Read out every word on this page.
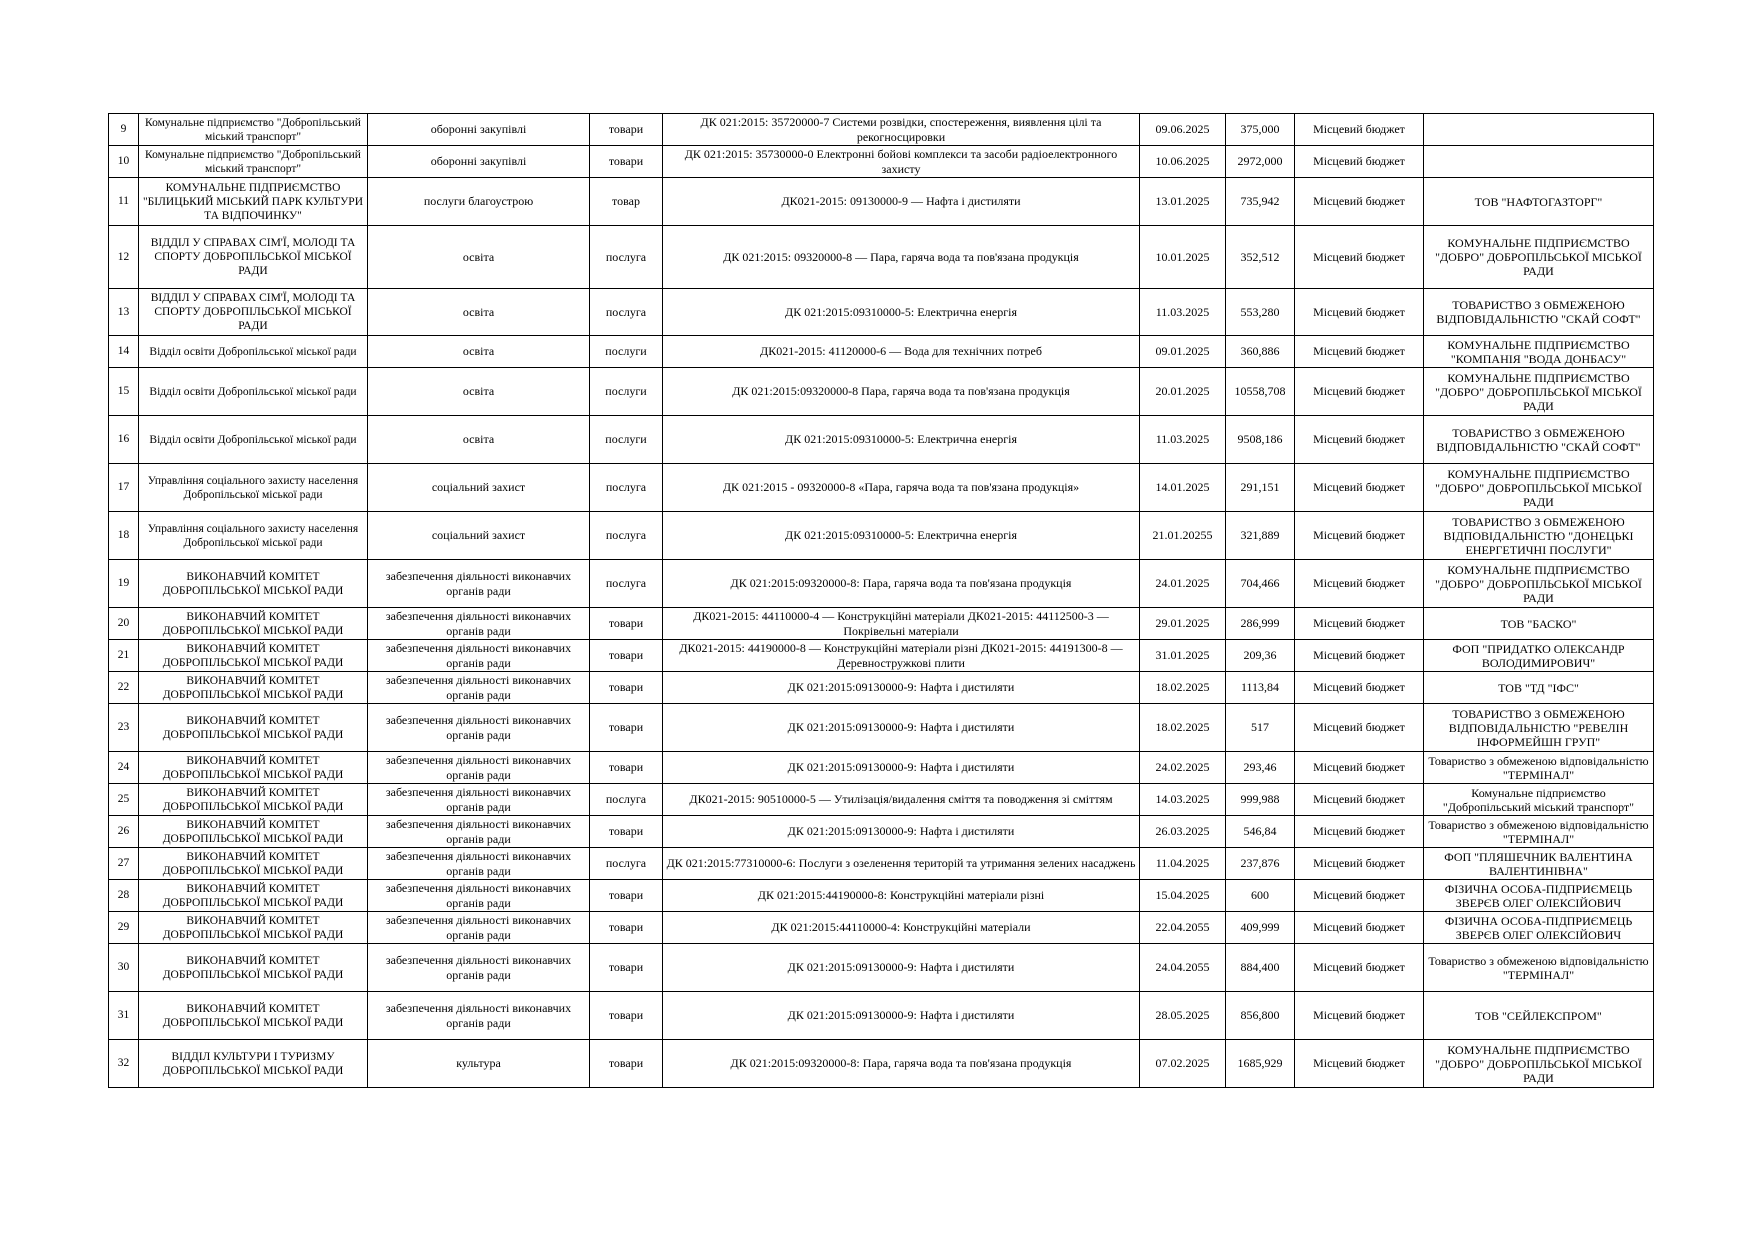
9	Комунальне підприємство "Добропільський міський транспорт"	оборонні закупівлі	товари	ДК 021:2015: 35720000-7 Системи розвідки, спостереження, виявлення цілі та рекогносцировки	09.06.2025	375,000	Місцевий бюджет	
10	Комунальне підприємство "Добропільський міський транспорт"	оборонні закупівлі	товари	ДК 021:2015: 35730000-0 Електронні бойові комплекси та засоби радіоелектронного захисту	10.06.2025	2972,000	Місцевий бюджет	
11	КОМУНАЛЬНЕ ПІДПРИЄМСТВО "БІЛИЦЬКИЙ МІСЬКИЙ ПАРК КУЛЬТУРИ ТА ВІДПОЧИНКУ"	послуги благоустрою	товар	ДК021-2015: 09130000-9 — Нафта і дистиляти	13.01.2025	735,942	Місцевий бюджет	ТОВ "НАФТОГАЗТОРГ"
12	ВІДДІЛ У СПРАВАХ СІМ'Ї, МОЛОДІ ТА СПОРТУ ДОБРОПІЛЬСЬКОЇ МІСЬКОЇ РАДИ	освіта	послуга	ДК 021:2015: 09320000-8 — Пара, гаряча вода та пов'язана продукція	10.01.2025	352,512	Місцевий бюджет	КОМУНАЛЬНЕ ПІДПРИЄМСТВО "ДОБРО" ДОБРОПІЛЬСЬКОЇ МІСЬКОЇ РАДИ
13	ВІДДІЛ У СПРАВАХ СІМ'Ї, МОЛОДІ ТА СПОРТУ ДОБРОПІЛЬСЬКОЇ МІСЬКОЇ РАДИ	освіта	послуга	ДК 021:2015:09310000-5: Електрична енергія	11.03.2025	553,280	Місцевий бюджет	ТОВАРИСТВО З ОБМЕЖЕНОЮ ВІДПОВІДАЛЬНІСТЮ "СКАЙ СОФТ"
14	Відділ освіти Добропільської міської ради	освіта	послуги	ДК021-2015: 41120000-6 — Вода для технічних потреб	09.01.2025	360,886	Місцевий бюджет	КОМУНАЛЬНЕ ПІДПРИЄМСТВО "КОМПАНІЯ "ВОДА ДОНБАСУ"
15	Відділ освіти Добропільської міської ради	освіта	послуги	ДК 021:2015:09320000-8 Пара, гаряча вода та пов'язана продукція	20.01.2025	10558,708	Місцевий бюджет	КОМУНАЛЬНЕ ПІДПРИЄМСТВО "ДОБРО" ДОБРОПІЛЬСЬКОЇ МІСЬКОЇ РАДИ
16	Відділ освіти Добропільської міської ради	освіта	послуги	ДК 021:2015:09310000-5: Електрична енергія	11.03.2025	9508,186	Місцевий бюджет	ТОВАРИСТВО З ОБМЕЖЕНОЮ ВІДПОВІДАЛЬНІСТЮ "СКАЙ СОФТ"
17	Управління соціального захисту населення Добропільської міської ради	соціальний захист	послуга	ДК 021:2015 - 09320000-8 «Пара, гаряча вода та пов'язана продукція»	14.01.2025	291,151	Місцевий бюджет	КОМУНАЛЬНЕ ПІДПРИЄМСТВО "ДОБРО" ДОБРОПІЛЬСЬКОЇ МІСЬКОЇ РАДИ
18	Управління соціального захисту населення Добропільської міської ради	соціальний захист	послуга	ДК 021:2015:09310000-5: Електрична енергія	21.01.20255	321,889	Місцевий бюджет	ТОВАРИСТВО З ОБМЕЖЕНОЮ ВІДПОВІДАЛЬНІСТЮ "ДОНЕЦЬКІ ЕНЕРГЕТИЧНІ ПОСЛУГИ"
19	ВИКОНАВЧИЙ КОМІТЕТ ДОБРОПІЛЬСЬКОЇ МІСЬКОЇ РАДИ	забезпечення діяльності виконавчих органів ради	послуга	ДК 021:2015:09320000-8: Пара, гаряча вода та пов'язана продукція	24.01.2025	704,466	Місцевий бюджет	КОМУНАЛЬНЕ ПІДПРИЄМСТВО "ДОБРО" ДОБРОПІЛЬСЬКОЇ МІСЬКОЇ РАДИ
20	ВИКОНАВЧИЙ КОМІТЕТ ДОБРОПІЛЬСЬКОЇ МІСЬКОЇ РАДИ	забезпечення діяльності виконавчих органів ради	товари	ДК021-2015: 44110000-4 — Конструкційні матеріали ДК021-2015: 44112500-3 — Покрівельні матеріали	29.01.2025	286,999	Місцевий бюджет	ТОВ "БАСКО"
21	ВИКОНАВЧИЙ КОМІТЕТ ДОБРОПІЛЬСЬКОЇ МІСЬКОЇ РАДИ	забезпечення діяльності виконавчих органів ради	товари	ДК021-2015: 44190000-8 — Конструкційні матеріали різні ДК021-2015: 44191300-8 — Деревностружкові плити	31.01.2025	209,36	Місцевий бюджет	ФОП "ПРИДАТКО ОЛЕКСАНДР ВОЛОДИМИРОВИЧ"
22	ВИКОНАВЧИЙ КОМІТЕТ ДОБРОПІЛЬСЬКОЇ МІСЬКОЇ РАДИ	забезпечення діяльності виконавчих органів ради	товари	ДК 021:2015:09130000-9: Нафта і дистиляти	18.02.2025	1113,84	Місцевий бюджет	ТОВ "ТД "ІФС"
23	ВИКОНАВЧИЙ КОМІТЕТ ДОБРОПІЛЬСЬКОЇ МІСЬКОЇ РАДИ	забезпечення діяльності виконавчих органів ради	товари	ДК 021:2015:09130000-9: Нафта і дистиляти	18.02.2025	517	Місцевий бюджет	ТОВАРИСТВО З ОБМЕЖЕНОЮ ВІДПОВІДАЛЬНІСТЮ "РЕВЕЛІН ІНФОРМЕЙШН ГРУП"
24	ВИКОНАВЧИЙ КОМІТЕТ ДОБРОПІЛЬСЬКОЇ МІСЬКОЇ РАДИ	забезпечення діяльності виконавчих органів ради	товари	ДК 021:2015:09130000-9: Нафта і дистиляти	24.02.2025	293,46	Місцевий бюджет	Товариство з обмеженою відповідальністю "ТЕРМІНАЛ"
25	ВИКОНАВЧИЙ КОМІТЕТ ДОБРОПІЛЬСЬКОЇ МІСЬКОЇ РАДИ	забезпечення діяльності виконавчих органів ради	послуга	ДК021-2015: 90510000-5 — Утилізація/видалення сміття та поводження зі сміттям	14.03.2025	999,988	Місцевий бюджет	Комунальне підприємство "Добропільський міський транспорт"
26	ВИКОНАВЧИЙ КОМІТЕТ ДОБРОПІЛЬСЬКОЇ МІСЬКОЇ РАДИ	забезпечення діяльності виконавчих органів ради	товари	ДК 021:2015:09130000-9: Нафта і дистиляти	26.03.2025	546,84	Місцевий бюджет	Товариство з обмеженою відповідальністю "ТЕРМІНАЛ"
27	ВИКОНАВЧИЙ КОМІТЕТ ДОБРОПІЛЬСЬКОЇ МІСЬКОЇ РАДИ	забезпечення діяльності виконавчих органів ради	послуга	ДК 021:2015:77310000-6: Послуги з озеленення територій та утримання зелених насаджень	11.04.2025	237,876	Місцевий бюджет	ФОП "ПЛЯШЕЧНИК ВАЛЕНТИНА ВАЛЕНТИНІВНА"
28	ВИКОНАВЧИЙ КОМІТЕТ ДОБРОПІЛЬСЬКОЇ МІСЬКОЇ РАДИ	забезпечення діяльності виконавчих органів ради	товари	ДК 021:2015:44190000-8: Конструкційні матеріали різні	15.04.2025	600	Місцевий бюджет	ФІЗИЧНА ОСОБА-ПІДПРИЄМЕЦЬ ЗВЕРЄВ ОЛЕГ ОЛЕКСІЙОВИЧ
29	ВИКОНАВЧИЙ КОМІТЕТ ДОБРОПІЛЬСЬКОЇ МІСЬКОЇ РАДИ	забезпечення діяльності виконавчих органів ради	товари	ДК 021:2015:44110000-4: Конструкційні матеріали	22.04.2055	409,999	Місцевий бюджет	ФІЗИЧНА ОСОБА-ПІДПРИЄМЕЦЬ ЗВЕРЄВ ОЛЕГ ОЛЕКСІЙОВИЧ
30	ВИКОНАВЧИЙ КОМІТЕТ ДОБРОПІЛЬСЬКОЇ МІСЬКОЇ РАДИ	забезпечення діяльності виконавчих органів ради	товари	ДК 021:2015:09130000-9: Нафта і дистиляти	24.04.2055	884,400	Місцевий бюджет	Товариство з обмеженою відповідальністю "ТЕРМІНАЛ"
31	ВИКОНАВЧИЙ КОМІТЕТ ДОБРОПІЛЬСЬКОЇ МІСЬКОЇ РАДИ	забезпечення діяльності виконавчих органів ради	товари	ДК 021:2015:09130000-9: Нафта і дистиляти	28.05.2025	856,800	Місцевий бюджет	ТОВ "СЕЙЛЕКСПРОМ"
32	ВІДДІЛ КУЛЬТУРИ І ТУРИЗМУ ДОБРОПІЛЬСЬКОЇ МІСЬКОЇ РАДИ	культура	товари	ДК 021:2015:09320000-8: Пара, гаряча вода та пов'язана продукція	07.02.2025	1685,929	Місцевий бюджет	КОМУНАЛЬНЕ ПІДПРИЄМСТВО "ДОБРО" ДОБРОПІЛЬСЬКОЇ МІСЬКОЇ РАДИ
